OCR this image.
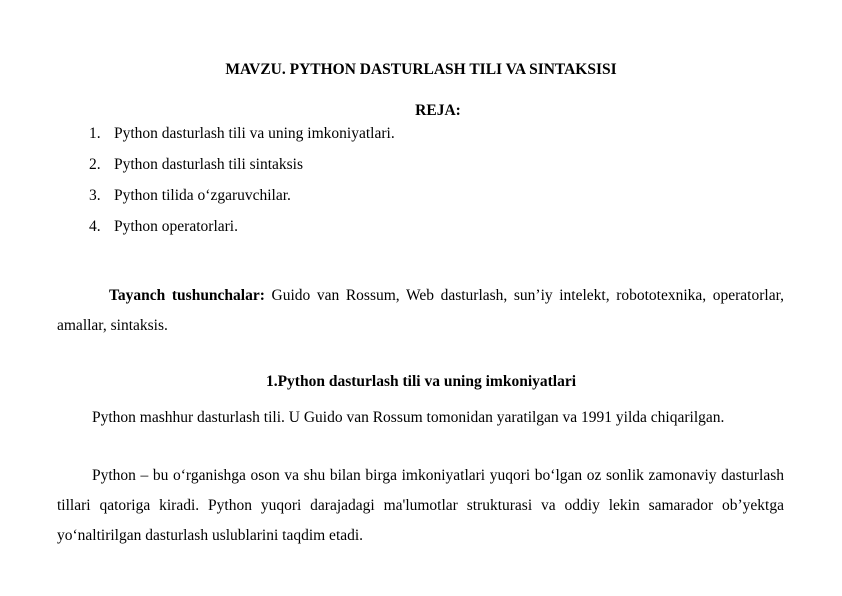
MAVZU. PYTHON DASTURLASH TILI VA SINTAKSISI
REJA:
1. Python dasturlash tili va uning imkoniyatlari.
2. Python dasturlash tili sintaksis
3. Python tilida o‘zgaruvchilar.
4. Python operatorlari.
Tayanch tushunchalar: Guido van Rossum, Web dasturlash, sun’iy intelekt, robototexnika, operatorlar, amallar, sintaksis.
1.Python dasturlash tili va uning imkoniyatlari
Python mashhur dasturlash tili. U Guido van Rossum tomonidan yaratilgan va 1991 yilda chiqarilgan.
Python – bu o‘rganishga oson va shu bilan birga imkoniyatlari yuqori bo‘lgan oz sonlik zamonaviy dasturlash tillari qatoriga kiradi. Python yuqori darajadagi ma'lumotlar strukturasi va oddiy lekin samarador ob’yektga yo‘naltirilgan dasturlash uslublarini taqdim etadi.
